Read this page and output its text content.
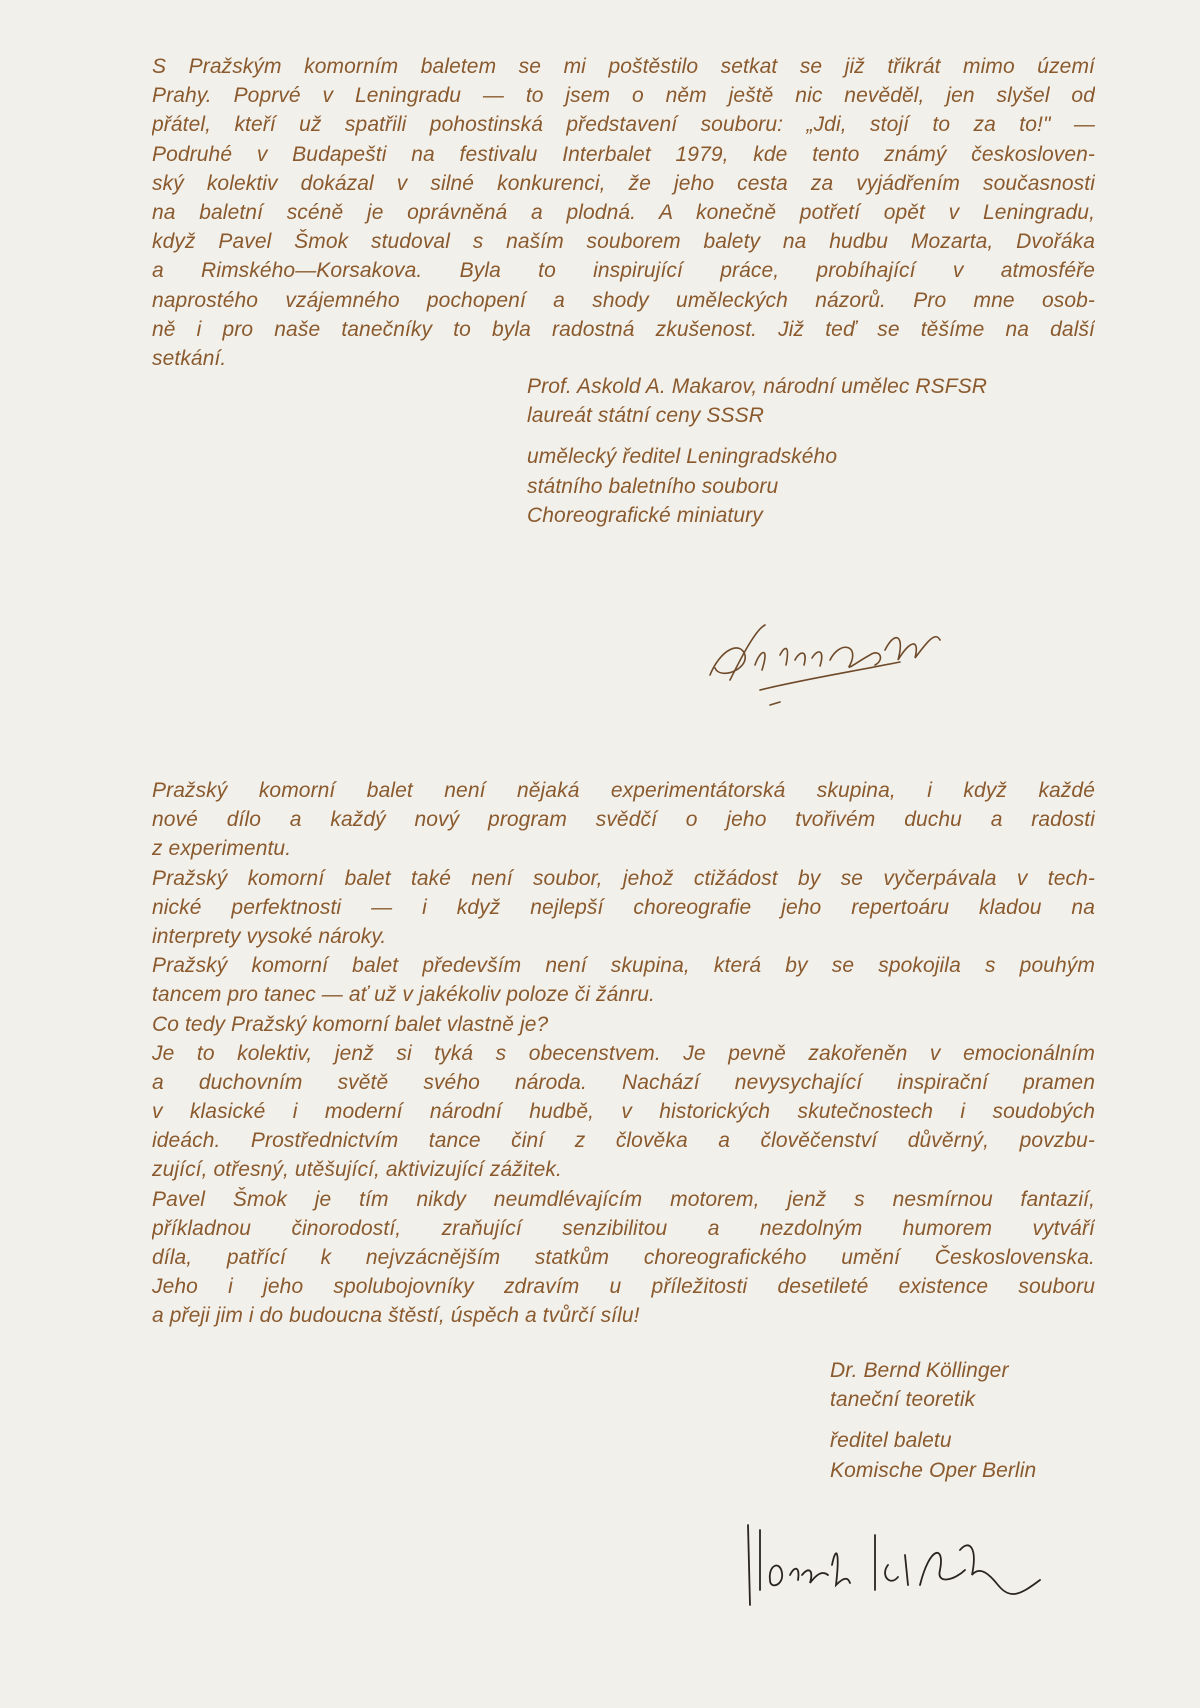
S Pražským komorním baletem se mi poštěstilo setkat se již třikrát mimo území
Prahy. Poprvé v Leningradu — to jsem o něm ještě nic nevěděl, jen slyšel od
přátel, kteří už spatřili pohostinská představení souboru: „Jdi, stojí to za to!" —
Podruhé v Budapešti na festivalu Interbalet 1979, kde tento známý českosloven-
ský kolektiv dokázal v silné konkurenci, že jeho cesta za vyjádřením současnosti
na baletní scéně je oprávněná a plodná. A konečně potřetí opět v Leningradu,
když Pavel Šmok studoval s naším souborem balety na hudbu Mozarta, Dvořáka
a Rimského—Korsakova. Byla to inspirující práce, probíhající v atmosféře
naprostého vzájemného pochopení a shody uměleckých názorů. Pro mne osob-
ně i pro naše tanečníky to byla radostná zkušenost. Již teď se těšíme na další
setkání.
Prof. Askold A. Makarov, národní umělec RSFSR
laureát státní ceny SSSR
umělecký ředitel Leningradského
státního baletního souboru
Choreografické miniatury
Pražský komorní balet není nějaká experimentátorská skupina, i když každé
nové dílo a každý nový program svědčí o jeho tvořivém duchu a radosti
z experimentu.
Pražský komorní balet také není soubor, jehož ctižádost by se vyčerpávala v tech-
nické perfektnosti — i když nejlepší choreografie jeho repertoáru kladou na
interprety vysoké nároky.
Pražský komorní balet především není skupina, která by se spokojila s pouhým
tancem pro tanec — ať už v jakékoliv poloze či žánru.
Co tedy Pražský komorní balet vlastně je?
Je to kolektiv, jenž si tyká s obecenstvem. Je pevně zakořeněn v emocionálním
a duchovním světě svého národa. Nachází nevysychající inspirační pramen
v klasické i moderní národní hudbě, v historických skutečnostech i soudobých
ideách. Prostřednictvím tance činí z člověka a člověčenství důvěrný, povzbu-
zující, otřesný, utěšující, aktivizující zážitek.
Pavel Šmok je tím nikdy neumdlévajícím motorem, jenž s nesmírnou fantazií,
příkladnou činorodostí, zraňující senzibilitou a nezdolným humorem vytváří
díla, patřící k nejvzácnějším statkům choreografického umění Československa.
Jeho i jeho spolubojovníky zdravím u příležitosti desetileté existence souboru
a přeji jim i do budoucna štěstí, úspěch a tvůrčí sílu!
Dr. Bernd Köllinger
taneční teoretik
ředitel baletu
Komische Oper Berlin
